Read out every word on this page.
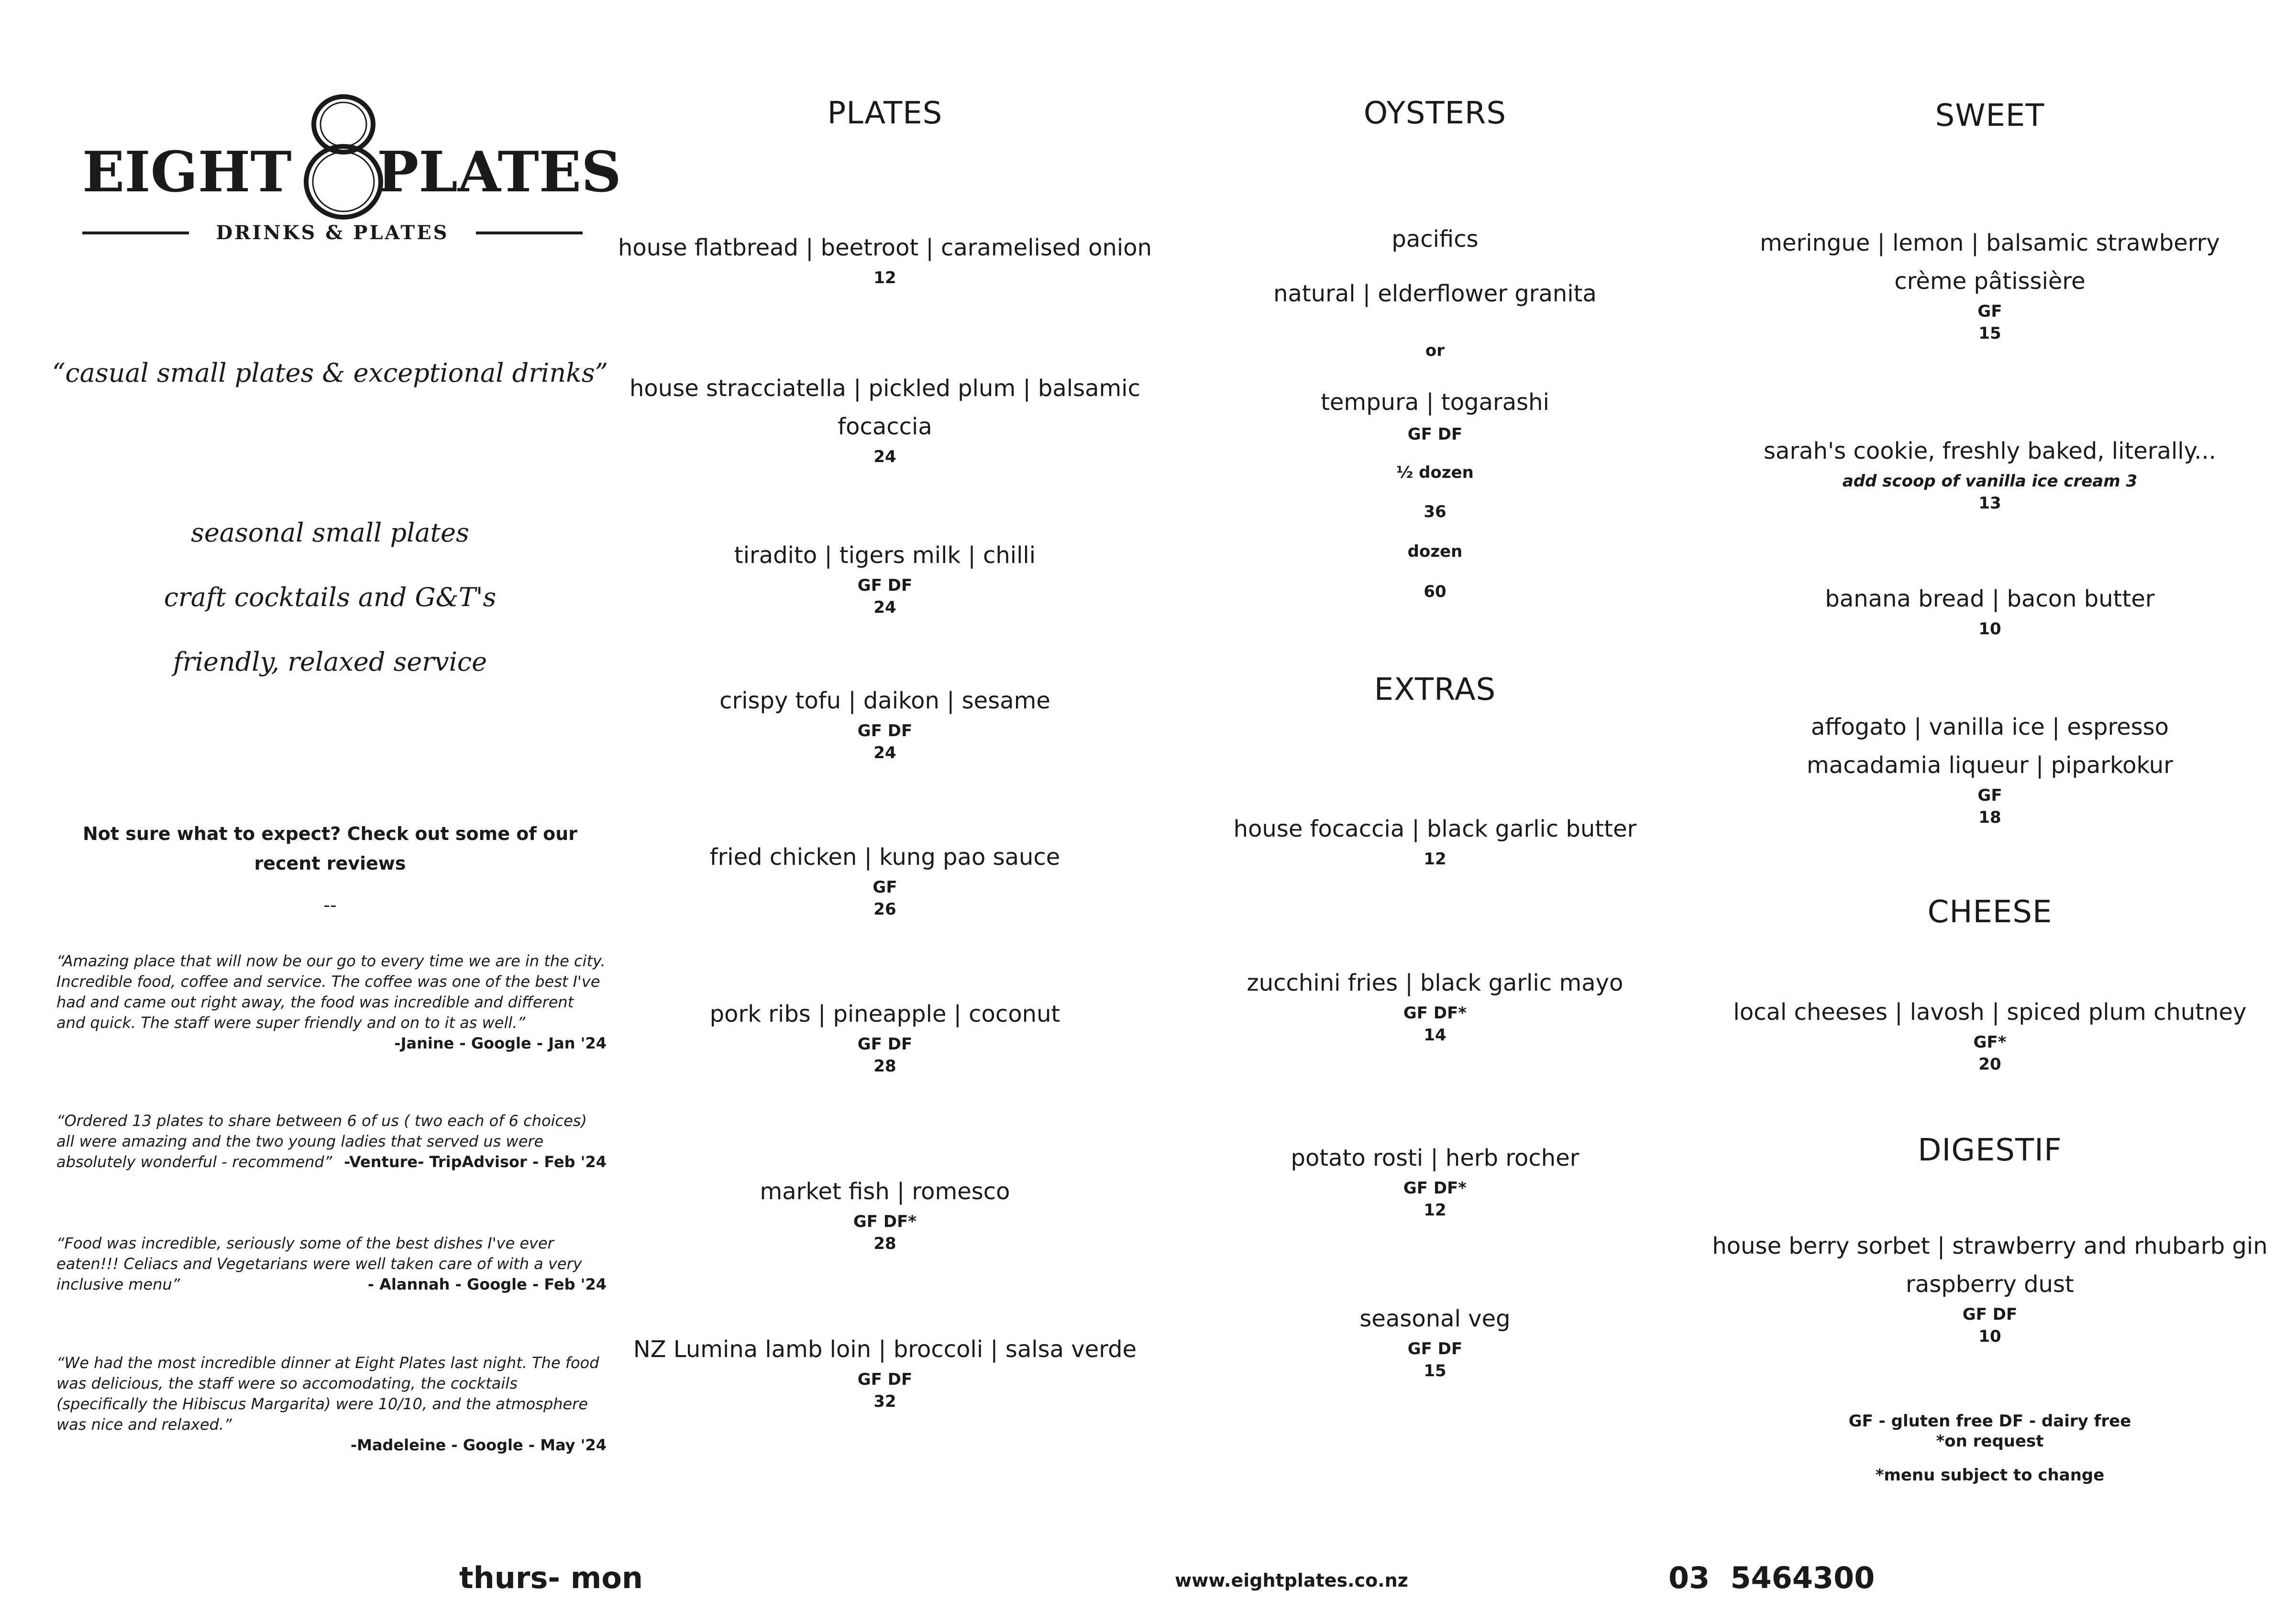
EIGHT PLATES
DRINKS & PLATES
“casual small plates & exceptional drinks”
seasonal small plates
craft cocktails and G&T's
friendly, relaxed service
Not sure what to expect? Check out some of our recent reviews
--
“Amazing place that will now be our go to every time we are in the city. Incredible food, coffee and service. The coffee was one of the best I've had and came out right away, the food was incredible and different and quick. The staff were super friendly and on to it as well.”
-Janine - Google - Jan '24
“Ordered 13 plates to share between 6 of us ( two each of 6 choices) all were amazing and the two young ladies that served us were absolutely wonderful - recommend”
“Food was incredible, seriously some of the best dishes I've ever eaten!!! Celiacs and Vegetarians were well taken care of with a very inclusive menu”	- Alannah - Google - Feb '24
“We had the most incredible dinner at Eight Plates last night. The food was delicious, the staff were so accomodating, the cocktails (specifically the Hibiscus Margarita) were 10/10, and the atmosphere was nice and relaxed.”
-Madeleine - Google - May '24
-Venture- TripAdvisor - Feb '24
PLATES
house flatbread | beetroot | caramelised onion
12
house stracciatella | pickled plum | balsamic
focaccia
24
tiradito | tigers milk | chilli
GF DF
24
crispy tofu | daikon | sesame
GF DF
24
fried chicken | kung pao sauce
GF
26
pork ribs | pineapple | coconut
GF DF
28
market fish | romesco
GF DF*
28
NZ Lumina lamb loin | broccoli | salsa verde
GF DF
32
OYSTERS
pacifics
natural | elderflower granita
or
tempura | togarashi
GF DF
½ dozen
36
dozen
60
EXTRAS
house focaccia | black garlic butter
12
zucchini fries | black garlic mayo
GF DF*
14
potato rosti | herb rocher
GF DF*
12
seasonal veg
GF DF
15
SWEET
meringue | lemon | balsamic strawberry
crème pâtissière
GF
15
sarah's cookie, freshly baked, literally...
add scoop of vanilla ice cream 3
13
banana bread | bacon butter
10
affogato | vanilla ice | espresso
macadamia liqueur | piparkokur
GF
18
CHEESE
local cheeses | lavosh | spiced plum chutney
GF*
20
DIGESTIF
house berry sorbet | strawberry and rhubarb gin
raspberry dust
GF DF
10
GF - gluten free DF - dairy free
*on request
*menu subject to change
thurs- mon	www.eightplates.co.nz	03  5464300
